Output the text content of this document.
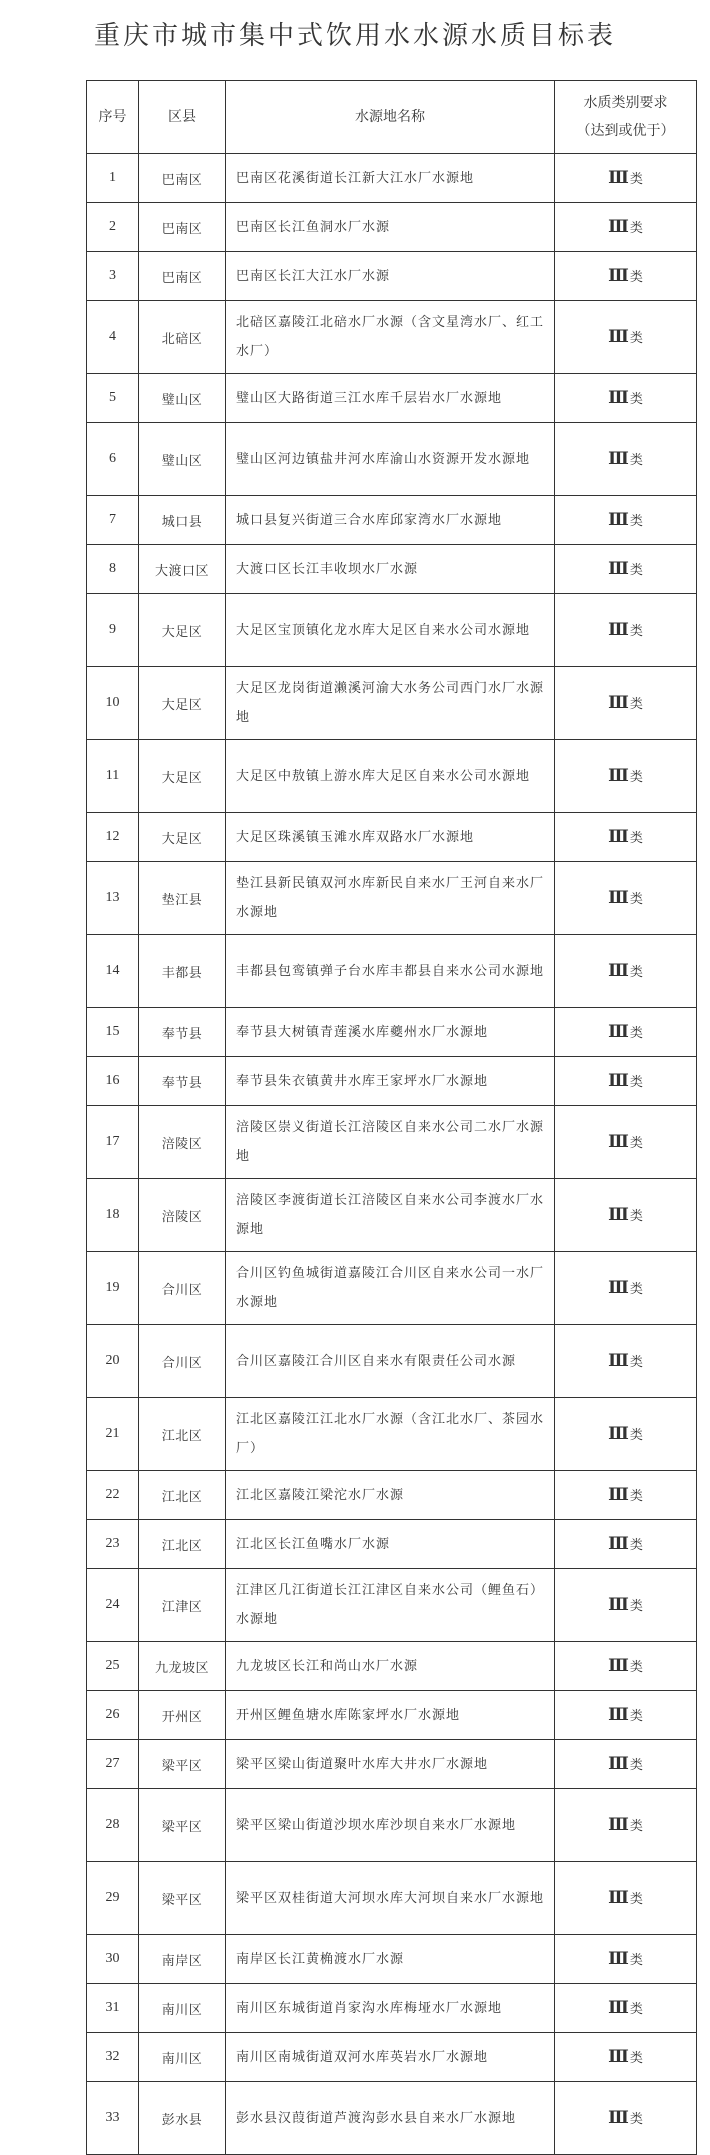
重庆市城市集中式饮用水水源水质目标表
序号	区县	水源地名称	水质类别要求
（达到或优于）

1	巴南区	巴南区花溪街道长江新大江水厂水源地	Ⅲ 类
2	巴南区	巴南区长江鱼洞水厂水源	Ⅲ 类
3	巴南区	巴南区长江大江水厂水源	Ⅲ 类
4	北碚区	北碚区嘉陵江北碚水厂水源（含文星湾水厂、红工水厂）	Ⅲ 类
5	璧山区	璧山区大路街道三江水库千层岩水厂水源地	Ⅲ 类
6	璧山区	璧山区河边镇盐井河水库渝山水资源开发水源地	Ⅲ 类
7	城口县	城口县复兴街道三合水库邱家湾水厂水源地	Ⅲ 类
8	大渡口区	大渡口区长江丰收坝水厂水源	Ⅲ 类
9	大足区	大足区宝顶镇化龙水库大足区自来水公司水源地	Ⅲ 类
10	大足区	大足区龙岗街道濑溪河渝大水务公司西门水厂水源地	Ⅲ 类
11	大足区	大足区中敖镇上游水库大足区自来水公司水源地	Ⅲ 类
12	大足区	大足区珠溪镇玉滩水库双路水厂水源地	Ⅲ 类
13	垫江县	垫江县新民镇双河水库新民自来水厂王河自来水厂水源地	Ⅲ 类
14	丰都县	丰都县包鸾镇弹子台水库丰都县自来水公司水源地	Ⅲ 类
15	奉节县	奉节县大树镇青莲溪水库夔州水厂水源地	Ⅲ 类
16	奉节县	奉节县朱衣镇黄井水库王家坪水厂水源地	Ⅲ 类
17	涪陵区	涪陵区崇义街道长江涪陵区自来水公司二水厂水源地	Ⅲ 类
18	涪陵区	涪陵区李渡街道长江涪陵区自来水公司李渡水厂水源地	Ⅲ 类
19	合川区	合川区钓鱼城街道嘉陵江合川区自来水公司一水厂水源地	Ⅲ 类
20	合川区	合川区嘉陵江合川区自来水有限责任公司水源	Ⅲ 类
21	江北区	江北区嘉陵江江北水厂水源（含江北水厂、茶园水厂）	Ⅲ 类
22	江北区	江北区嘉陵江梁沱水厂水源	Ⅲ 类
23	江北区	江北区长江鱼嘴水厂水源	Ⅲ 类
24	江津区	江津区几江街道长江江津区自来水公司（鲤鱼石）水源地	Ⅲ 类
25	九龙坡区	九龙坡区长江和尚山水厂水源	Ⅲ 类
26	开州区	开州区鲤鱼塘水库陈家坪水厂水源地	Ⅲ 类
27	梁平区	梁平区梁山街道聚叶水库大井水厂水源地	Ⅲ 类
28	梁平区	梁平区梁山街道沙坝水库沙坝自来水厂水源地	Ⅲ 类
29	梁平区	梁平区双桂街道大河坝水库大河坝自来水厂水源地	Ⅲ 类
30	南岸区	南岸区长江黄桷渡水厂水源	Ⅲ 类
31	南川区	南川区东城街道肖家沟水库梅垭水厂水源地	Ⅲ 类
32	南川区	南川区南城街道双河水库英岩水厂水源地	Ⅲ 类
33	彭水县	彭水县汉葭街道芦渡沟彭水县自来水厂水源地	Ⅲ 类
